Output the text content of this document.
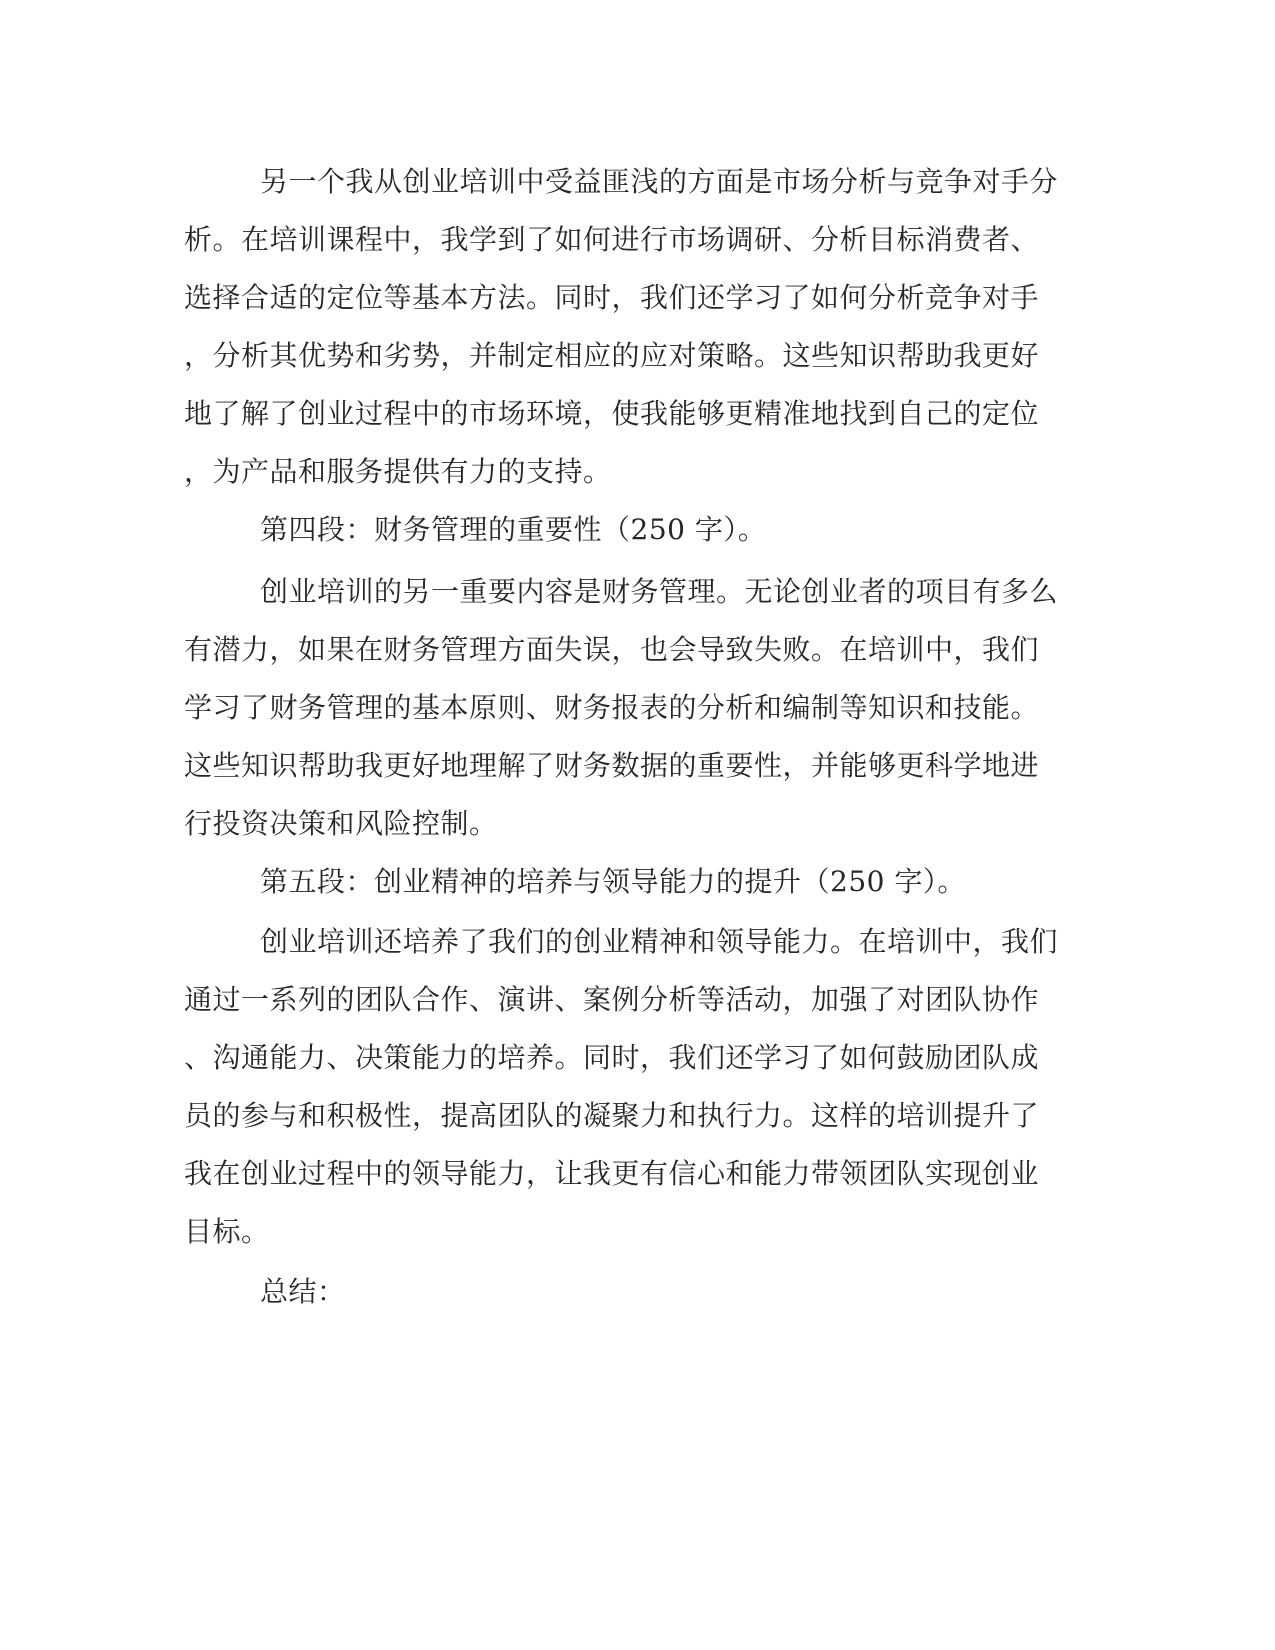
另一个我从创业培训中受益匪浅的方面是市场分析与竞争对手分

析。在培训课程中，我学到了如何进行市场调研、分析目标消费者、

选择合适的定位等基本方法。同时，我们还学习了如何分析竞争对手

，分析其优势和劣势，并制定相应的应对策略。这些知识帮助我更好

地了解了创业过程中的市场环境，使我能够更精准地找到自己的定位

，为产品和服务提供有力的支持。

第四段：财务管理的重要性（250 字）。

创业培训的另一重要内容是财务管理。无论创业者的项目有多么

有潜力，如果在财务管理方面失误，也会导致失败。在培训中，我们

学习了财务管理的基本原则、财务报表的分析和编制等知识和技能。

这些知识帮助我更好地理解了财务数据的重要性，并能够更科学地进

行投资决策和风险控制。

第五段：创业精神的培养与领导能力的提升（250 字）。

创业培训还培养了我们的创业精神和领导能力。在培训中，我们

通过一系列的团队合作、演讲、案例分析等活动，加强了对团队协作

、沟通能力、决策能力的培养。同时，我们还学习了如何鼓励团队成

员的参与和积极性，提高团队的凝聚力和执行力。这样的培训提升了

我在创业过程中的领导能力，让我更有信心和能力带领团队实现创业

目标。

总结：
